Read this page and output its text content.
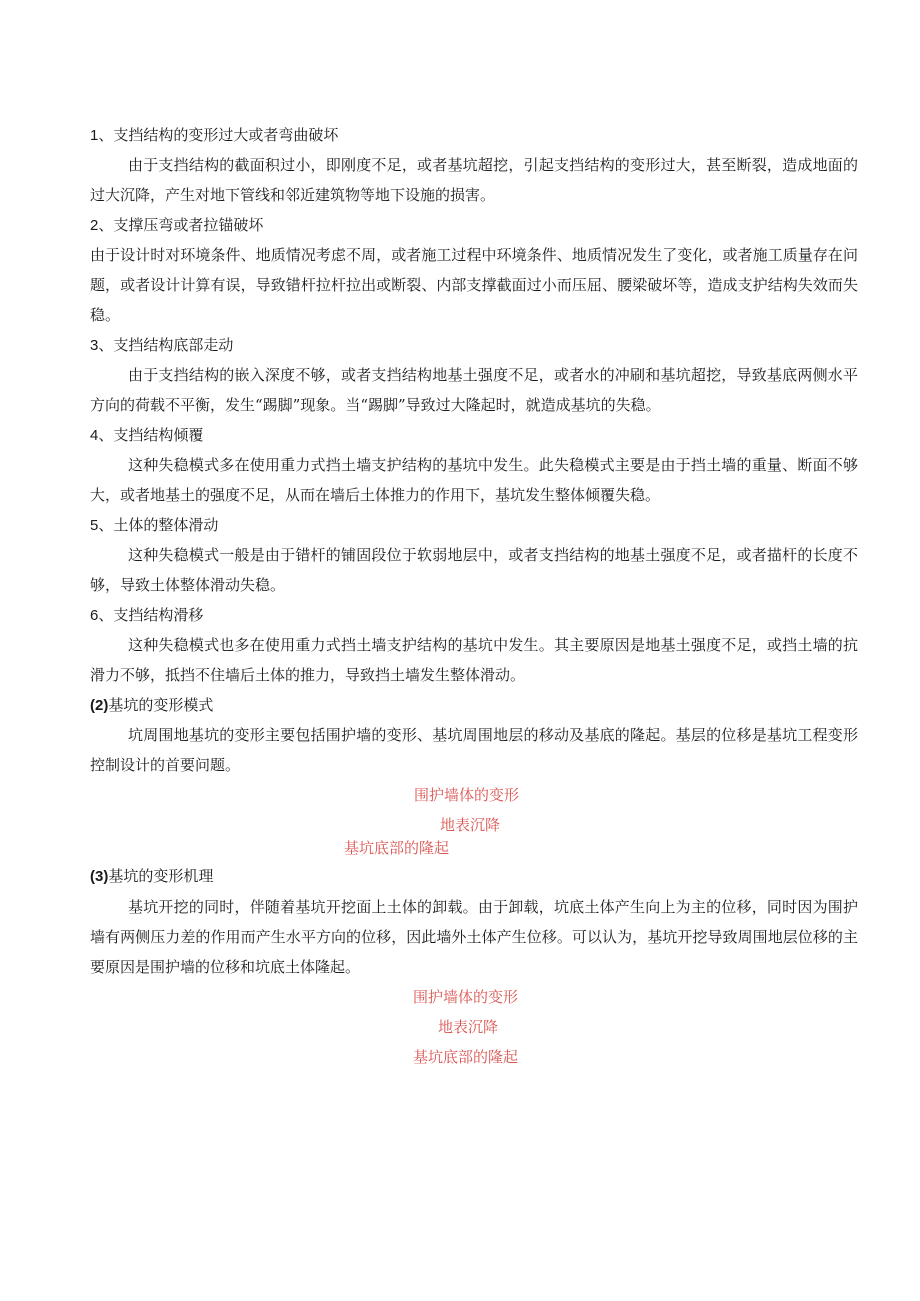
1、支挡结构的变形过大或者弯曲破坏
由于支挡结构的截面积过小，即刚度不足，或者基坑超挖，引起支挡结构的变形过大，甚至断裂，造成地面的过大沉降，产生对地下管线和邻近建筑物等地下设施的损害。
2、支撑压弯或者拉锚破坏
由于设计时对环境条件、地质情况考虑不周，或者施工过程中环境条件、地质情况发生了变化，或者施工质量存在问题，或者设计计算有误，导致错杆拉杆拉出或断裂、内部支撑截面过小而压屈、腰梁破坏等，造成支护结构失效而失稳。
3、支挡结构底部走动
由于支挡结构的嵌入深度不够，或者支挡结构地基土强度不足，或者水的冲刷和基坑超挖，导致基底两侧水平方向的荷载不平衡，发生“踢脚”现象。当“踢脚”导致过大隆起时，就造成基坑的失稳。
4、支挡结构倾覆
这种失稳模式多在使用重力式挡土墙支护结构的基坑中发生。此失稳模式主要是由于挡土墙的重量、断面不够大，或者地基土的强度不足，从而在墙后土体推力的作用下，基坑发生整体倾覆失稳。
5、土体的整体滑动
这种失稳模式一般是由于错杆的铺固段位于软弱地层中，或者支挡结构的地基土强度不足，或者描杆的长度不够，导致土体整体滑动失稳。
6、支挡结构滑移
这种失稳模式也多在使用重力式挡土墙支护结构的基坑中发生。其主要原因是地基土强度不足，或挡土墙的抗滑力不够，抵挡不住墙后土体的推力，导致挡土墙发生整体滑动。
(2)基坑的变形模式
坑周围地基坑的变形主要包括围护墙的变形、基坑周围地层的移动及基底的隆起。基层的位移是基坑工程变形控制设计的首要问题。
围护墙体的变形
地表沉降
基坑底部的隆起
(3)基坑的变形机理
基坑开挖的同时，伴随着基坑开挖面上土体的卸载。由于卸载，坑底土体产生向上为主的位移，同时因为围护墙有两侧压力差的作用而产生水平方向的位移，因此墙外土体产生位移。可以认为，基坑开挖导致周围地层位移的主要原因是围护墙的位移和坑底土体隆起。
围护墙体的变形
地表沉降
基坑底部的隆起
